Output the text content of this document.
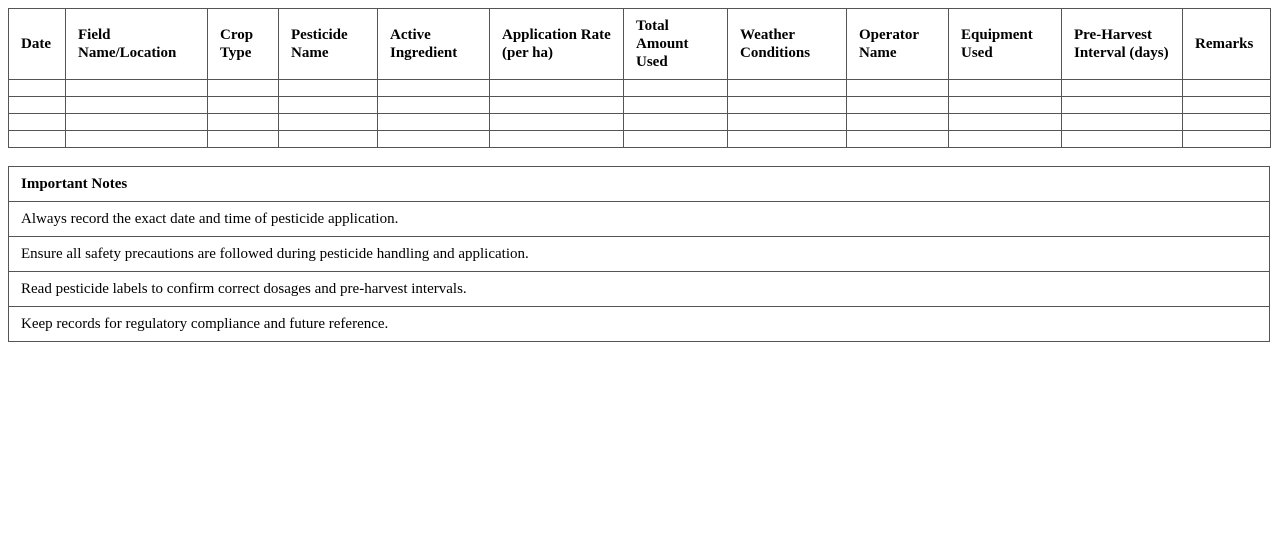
Date	Field Name/Location	Crop Type	Pesticide Name	Active Ingredient	Application Rate (per ha)	Total Amount Used	Weather Conditions	Operator Name	Equipment Used	Pre-Harvest Interval (days)	Remarks

Important Notes
Always record the exact date and time of pesticide application.
Ensure all safety precautions are followed during pesticide handling and application.
Read pesticide labels to confirm correct dosages and pre-harvest intervals.
Keep records for regulatory compliance and future reference.
